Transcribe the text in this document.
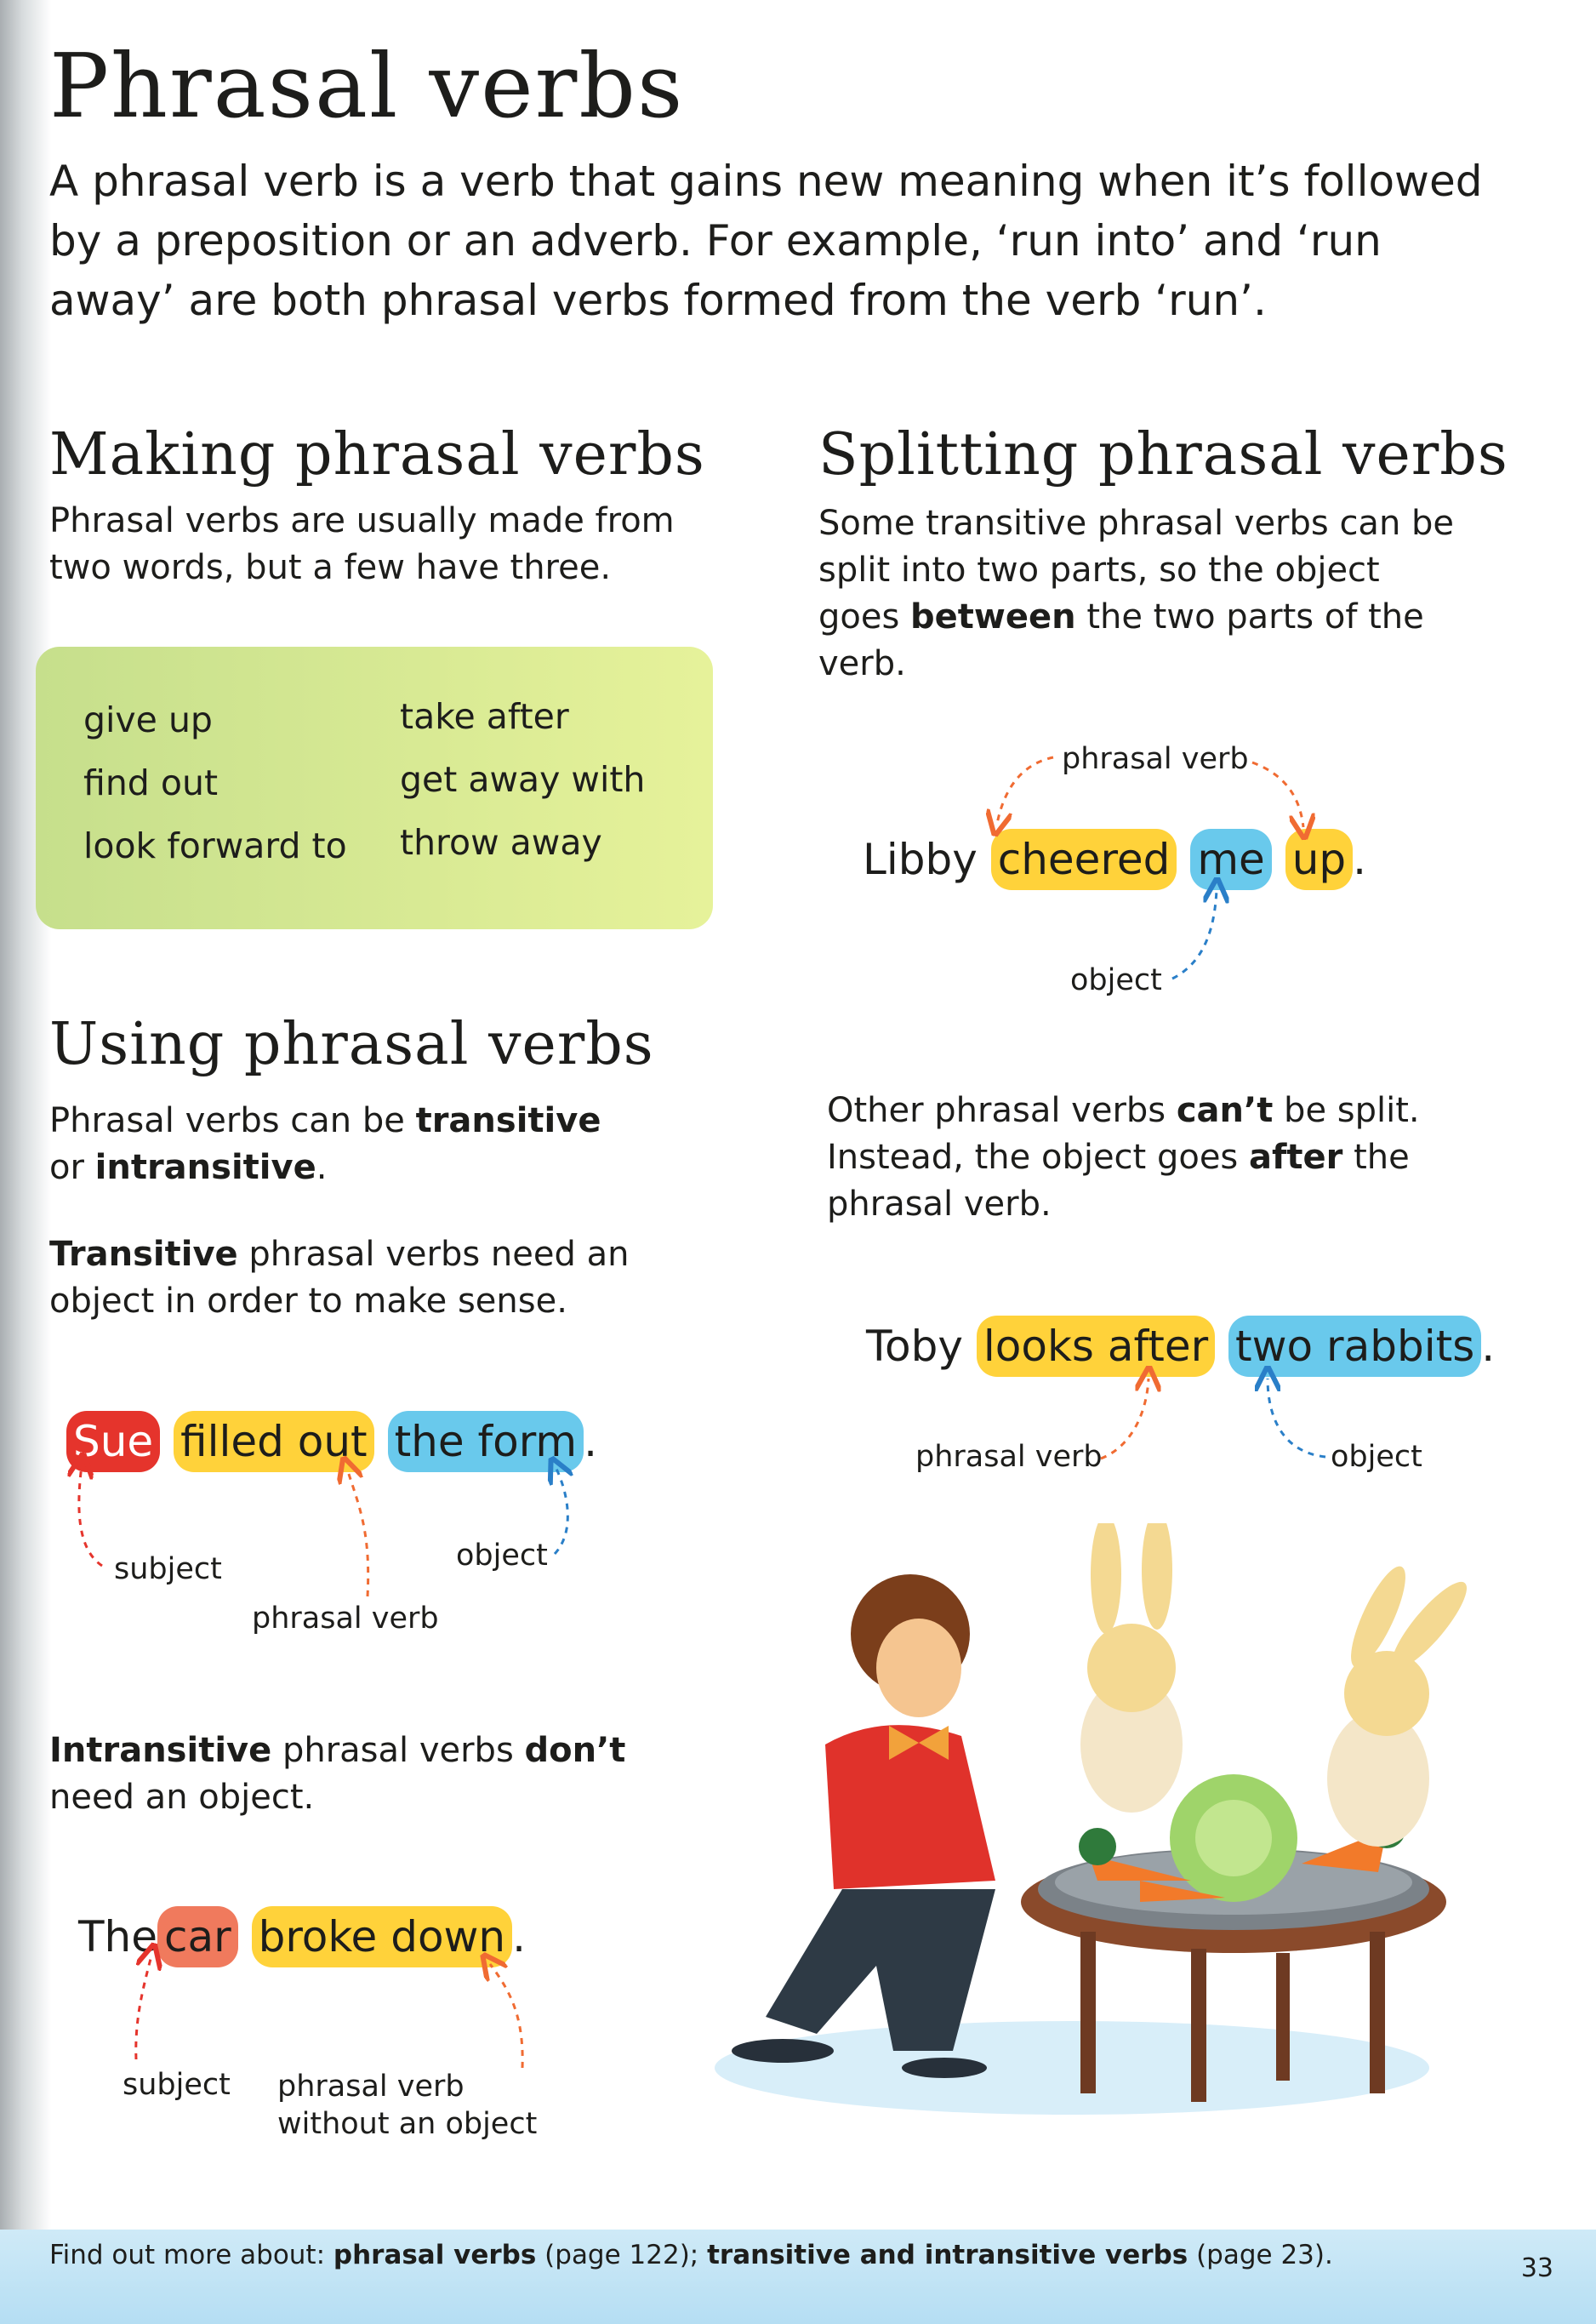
Phrasal verbs

A phrasal verb is a verb that gains new meaning when it’s followed by a preposition or an adverb. For example, ‘run into’ and ‘run away’ are both phrasal verbs formed from the verb ‘run’.

Making phrasal verbs

Phrasal verbs are usually made from two words, but a few have three.

give up

find out

look forward to

take after

get away with

throw away

Using phrasal verbs

Phrasal verbs can be transitive or intransitive.

Transitive phrasal verbs need an object in order to make sense.

Sue filled out the form .
subject
phrasal verb
object

Intransitive phrasal verbs don’t need an object.

The car broke down .
subject phrasal verb without an object
Splitting phrasal verbs

Some transitive phrasal verbs can be split into two parts, so the object goes between the two parts of the verb.

phrasal verb
Libby cheered me up .
object

Other phrasal verbs can’t be split. Instead, the object goes after the phrasal verb.

Toby looks after two rabbits .
phrasal verb	object
Find out more about: phrasal verbs (page 122); transitive and intransitive verbs (page 23).	33
